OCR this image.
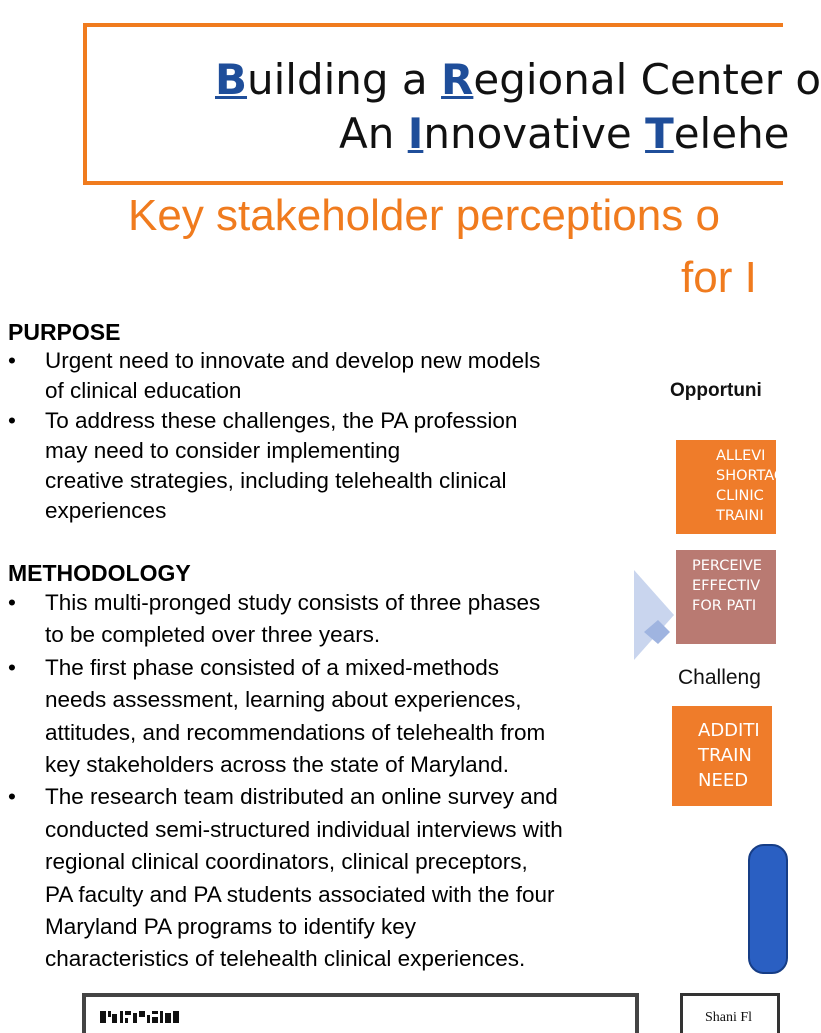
Building a Regional Center o
An Innovative Telehe
Key stakeholder perceptions o
for I
PURPOSE
• Urgent need to innovate and develop new models
of clinical education
• To address these challenges, the PA profession
may need to consider implementing
creative strategies, including telehealth clinical
experiences
METHODOLOGY
• This multi-pronged study consists of three phases
to be completed over three years.
• The first phase consisted of a mixed-methods
needs assessment, learning about experiences,
attitudes, and recommendations of telehealth from
key stakeholders across the state of Maryland.
• The research team distributed an online survey and
conducted semi-structured individual interviews with
regional clinical coordinators, clinical preceptors,
PA faculty and PA students associated with the four
Maryland PA programs to identify key
characteristics of telehealth clinical experiences.
Opportuni
ALLEVI
SHORTAG
CLINIC
TRAINI
PERCEIVE
EFFECTIV
FOR PATI
Challeng
ADDITI
TRAIN
NEED
Shani Fl
